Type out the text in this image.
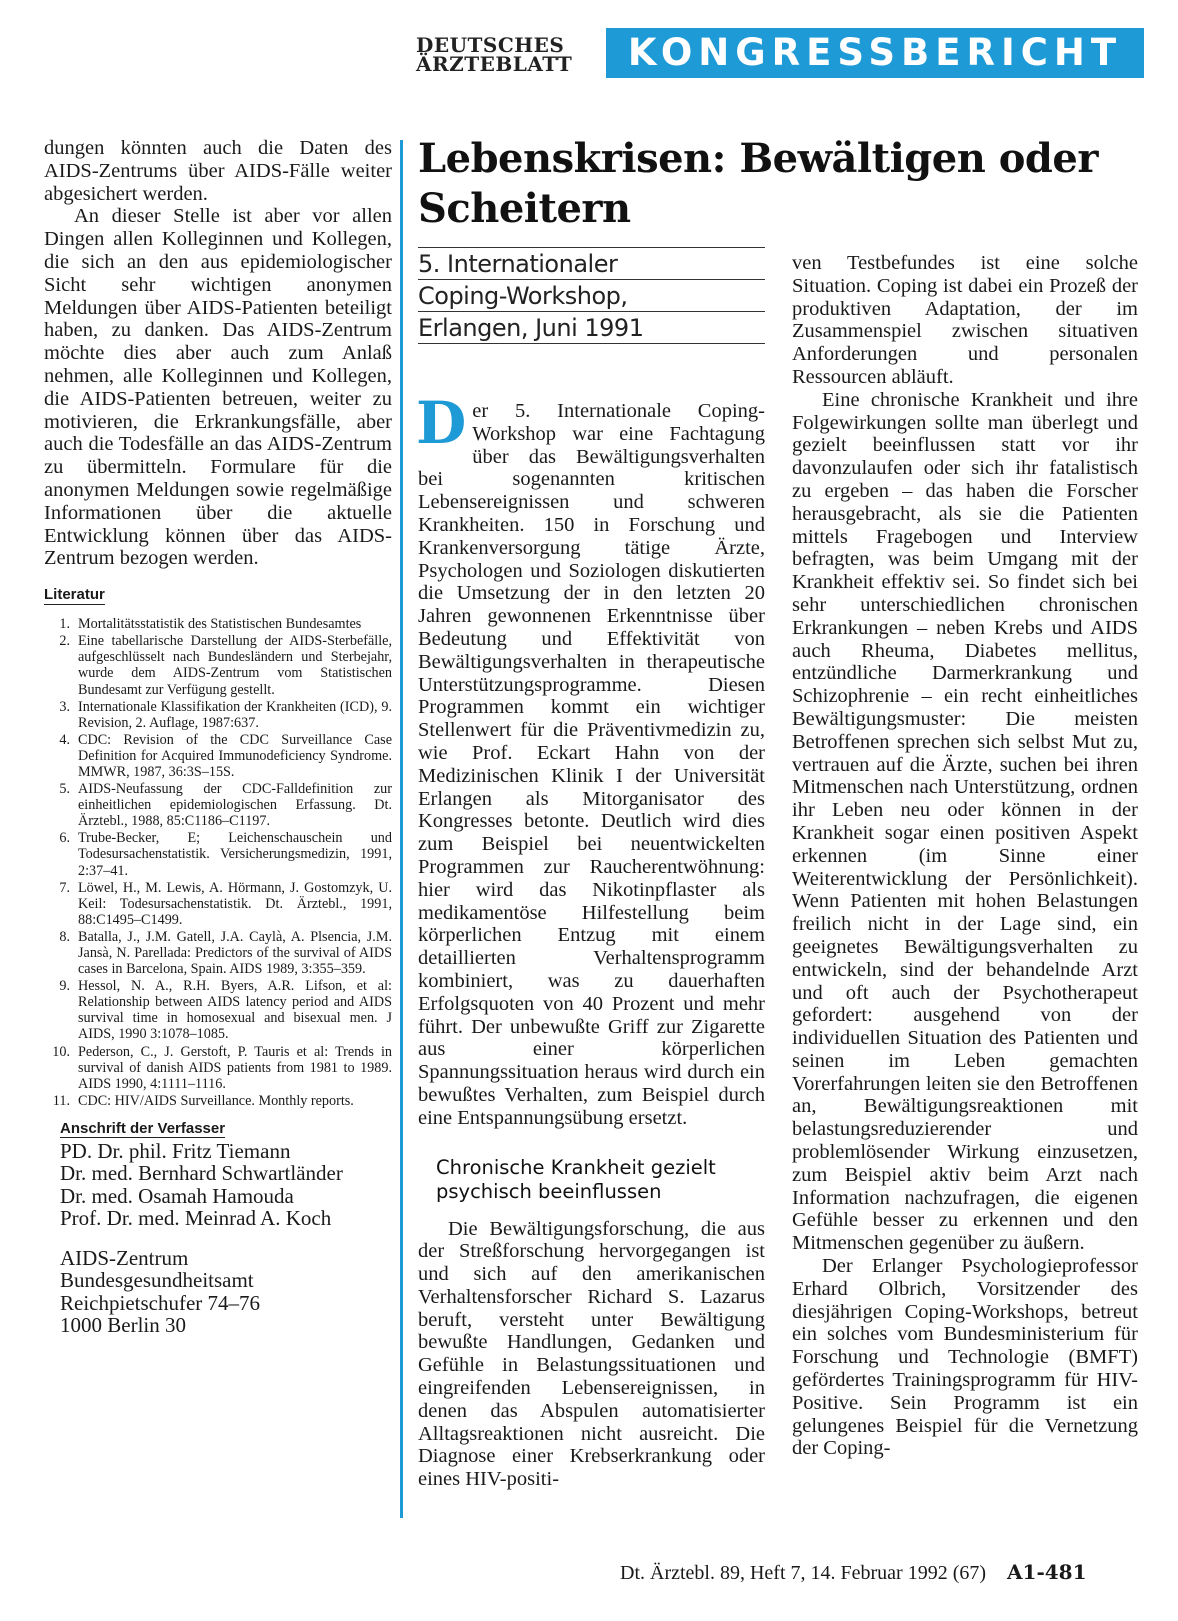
DEUTSCHES
ÄRZTEBLATT	KONGRESSBERICHT

dungen könnten auch die Daten des AIDS-Zentrums über AIDS-Fälle weiter abgesichert werden.

An dieser Stelle ist aber vor allen Dingen allen Kolleginnen und Kollegen, die sich an den aus epidemiologischer Sicht sehr wichtigen anonymen Meldungen über AIDS-Patienten beteiligt haben, zu danken. Das AIDS-Zentrum möchte dies aber auch zum Anlaß nehmen, alle Kolleginnen und Kollegen, die AIDS-Patienten betreuen, weiter zu motivieren, die Erkrankungsfälle, aber auch die Todesfälle an das AIDS-Zentrum zu übermitteln. Formulare für die anonymen Meldungen sowie regelmäßige Informationen über die aktuelle Entwicklung können über das AIDS-Zentrum bezogen werden.

Literatur
1. Mortalitätsstatistik des Statistischen Bundesamtes
2. Eine tabellarische Darstellung der AIDS-Sterbefälle, aufgeschlüsselt nach Bundesländern und Sterbejahr, wurde dem AIDS-Zentrum vom Statistischen Bundesamt zur Verfügung gestellt.
3. Internationale Klassifikation der Krankheiten (ICD), 9. Revision, 2. Auflage, 1987:637.
4. CDC: Revision of the CDC Surveillance Case Definition for Acquired Immunodeficiency Syndrome. MMWR, 1987, 36:3S–15S.
5. AIDS-Neufassung der CDC-Falldefinition zur einheitlichen epidemiologischen Erfassung. Dt. Ärztebl., 1988, 85:C1186–C1197.
6. Trube-Becker, E; Leichenschauschein und Todesursachenstatistik. Versicherungsmedizin, 1991, 2:37–41.
7. Löwel, H., M. Lewis, A. Hörmann, J. Gostomzyk, U. Keil: Todesursachenstatistik. Dt. Ärztebl., 1991, 88:C1495–C1499.
8. Batalla, J., J.M. Gatell, J.A. Caylà, A. Plsencia, J.M. Jansà, N. Parellada: Predictors of the survival of AIDS cases in Barcelona, Spain. AIDS 1989, 3:355–359.
9. Hessol, N. A., R.H. Byers, A.R. Lifson, et al: Relationship between AIDS latency period and AIDS survival time in homosexual and bisexual men. J AIDS, 1990 3:1078–1085.
10. Pederson, C., J. Gerstoft, P. Tauris et al: Trends in survival of danish AIDS patients from 1981 to 1989. AIDS 1990, 4:1111–1116.
11. CDC: HIV/AIDS Surveillance. Monthly reports.
Anschrift der Verfasser
PD. Dr. phil. Fritz Tiemann
Dr. med. Bernhard Schwartländer
Dr. med. Osamah Hamouda
Prof. Dr. med. Meinrad A. Koch
AIDS-Zentrum
Bundesgesundheitsamt
Reichpietschufer 74–76
1000 Berlin 30
Lebenskrisen: Bewältigen oder Scheitern
5. Internationaler
Coping-Workshop,
Erlangen, Juni 1991

Der 5. Internationale Coping-Workshop war eine Fachtagung über das Bewältigungsverhalten bei sogenannten kritischen Lebensereignissen und schweren Krankheiten. 150 in Forschung und Krankenversorgung tätige Ärzte, Psychologen und Soziologen diskutierten die Umsetzung der in den letzten 20 Jahren gewonnenen Erkenntnisse über Bedeutung und Effektivität von Bewältigungsverhalten in therapeutische Unterstützungsprogramme. Diesen Programmen kommt ein wichtiger Stellenwert für die Präventivmedizin zu, wie Prof. Eckart Hahn von der Medizinischen Klinik I der Universität Erlangen als Mitorganisator des Kongresses betonte. Deutlich wird dies zum Beispiel bei neuentwickelten Programmen zur Raucherentwöhnung: hier wird das Nikotinpflaster als medikamentöse Hilfestellung beim körperlichen Entzug mit einem detaillierten Verhaltensprogramm kombiniert, was zu dauerhaften Erfolgsquoten von 40 Prozent und mehr führt. Der unbewußte Griff zur Zigarette aus einer körperlichen Spannungssituation heraus wird durch ein bewußtes Verhalten, zum Beispiel durch eine Entspannungsübung ersetzt.

Chronische Krankheit gezielt psychisch beeinflussen

Die Bewältigungsforschung, die aus der Streßforschung hervorgegangen ist und sich auf den amerikanischen Verhaltensforscher Richard S. Lazarus beruft, versteht unter Bewältigung bewußte Handlungen, Gedanken und Gefühle in Belastungssituationen und eingreifenden Lebensereignissen, in denen das Abspulen automatisierter Alltagsreaktionen nicht ausreicht. Die Diagnose einer Krebserkrankung oder eines HIV-positi-

ven Testbefundes ist eine solche Situation. Coping ist dabei ein Prozeß der produktiven Adaptation, der im Zusammenspiel zwischen situativen Anforderungen und personalen Ressourcen abläuft.

Eine chronische Krankheit und ihre Folgewirkungen sollte man überlegt und gezielt beeinflussen statt vor ihr davonzulaufen oder sich ihr fatalistisch zu ergeben – das haben die Forscher herausgebracht, als sie die Patienten mittels Fragebogen und Interview befragten, was beim Umgang mit der Krankheit effektiv sei. So findet sich bei sehr unterschiedlichen chronischen Erkrankungen – neben Krebs und AIDS auch Rheuma, Diabetes mellitus, entzündliche Darmerkrankung und Schizophrenie – ein recht einheitliches Bewältigungsmuster: Die meisten Betroffenen sprechen sich selbst Mut zu, vertrauen auf die Ärzte, suchen bei ihren Mitmenschen nach Unterstützung, ordnen ihr Leben neu oder können in der Krankheit sogar einen positiven Aspekt erkennen (im Sinne einer Weiterentwicklung der Persönlichkeit). Wenn Patienten mit hohen Belastungen freilich nicht in der Lage sind, ein geeignetes Bewältigungsverhalten zu entwickeln, sind der behandelnde Arzt und oft auch der Psychotherapeut gefordert: ausgehend von der individuellen Situation des Patienten und seinen im Leben gemachten Vorerfahrungen leiten sie den Betroffenen an, Bewältigungsreaktionen mit belastungsreduzierender und problemlösender Wirkung einzusetzen, zum Beispiel aktiv beim Arzt nach Information nachzufragen, die eigenen Gefühle besser zu erkennen und den Mitmenschen gegenüber zu äußern.

Der Erlanger Psychologieprofessor Erhard Olbrich, Vorsitzender des diesjährigen Coping-Workshops, betreut ein solches vom Bundesministerium für Forschung und Technologie (BMFT) gefördertes Trainingsprogramm für HIV-Positive. Sein Programm ist ein gelungenes Beispiel für die Vernetzung der Coping-

Dt. Ärztebl. 89, Heft 7, 14. Februar 1992 (67) A1-481
